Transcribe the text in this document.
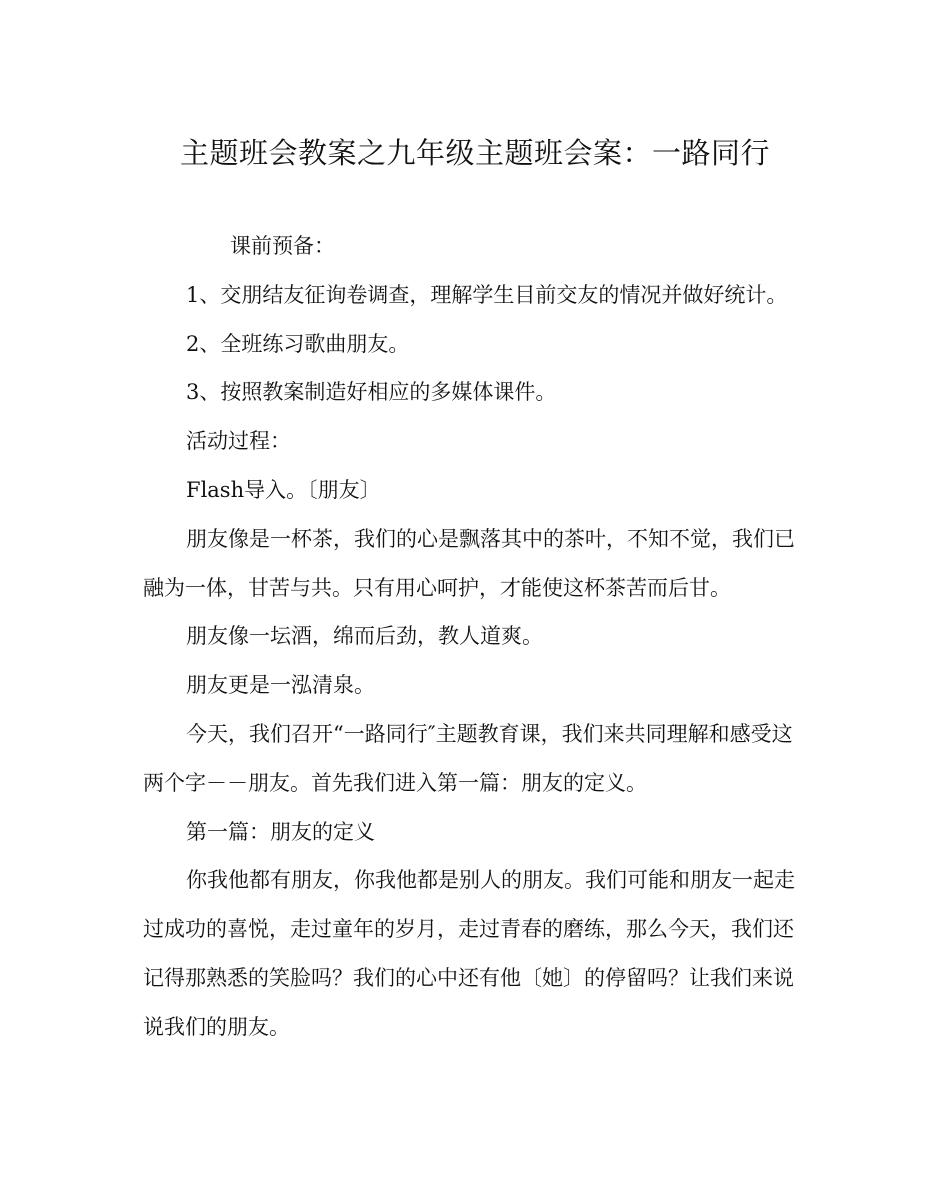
主题班会教案之九年级主题班会案：一路同行

课前预备：

1、交朋结友征询卷调查，理解学生目前交友的情况并做好统计。

2、全班练习歌曲朋友。

3、按照教案制造好相应的多媒体课件。

活动过程：

Flash导入。〔朋友〕

朋友像是一杯茶，我们的心是飘落其中的茶叶，不知不觉，我们已融为一体，甘苦与共。只有用心呵护，才能使这杯茶苦而后甘。

朋友像一坛酒，绵而后劲，教人道爽。

朋友更是一泓清泉。

今天，我们召开“一路同行″主题教育课，我们来共同理解和感受这两个字－－朋友。首先我们进入第一篇：朋友的定义。

第一篇：朋友的定义

你我他都有朋友，你我他都是别人的朋友。我们可能和朋友一起走过成功的喜悦，走过童年的岁月，走过青春的磨练，那么今天，我们还记得那熟悉的笑脸吗？我们的心中还有他〔她〕的停留吗？让我们来说说我们的朋友。
